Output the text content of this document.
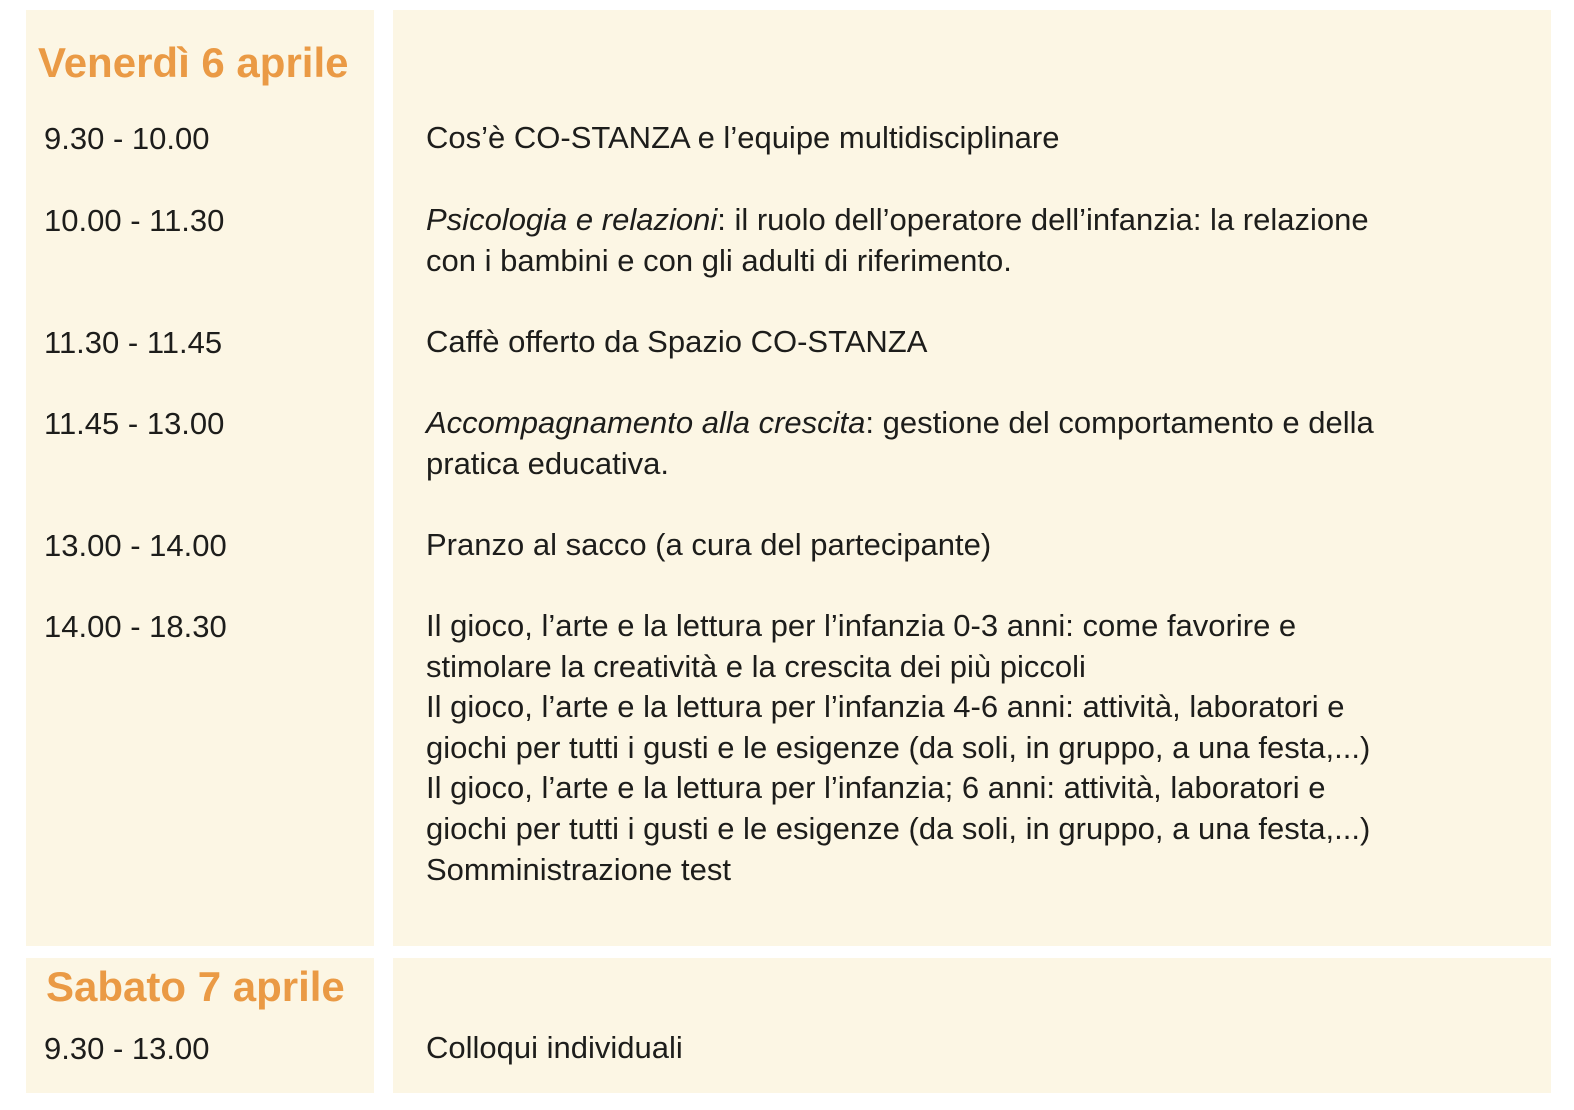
Venerdì 6 aprile
9.30 - 10.00	Cos’è CO-STANZA e l’equipe multidisciplinare
10.00 - 11.30	Psicologia e relazioni: il ruolo dell’operatore dell’infanzia: la relazione
con i bambini e con gli adulti di riferimento.
11.30 - 11.45	Caffè offerto da Spazio CO-STANZA
11.45 - 13.00	Accompagnamento alla crescita: gestione del comportamento e della
pratica educativa.
13.00 - 14.00	Pranzo al sacco (a cura del partecipante)
14.00 - 18.30	Il gioco, l’arte e la lettura per l’infanzia 0-3 anni: come favorire e
stimolare la creatività e la crescita dei più piccoli
Il gioco, l’arte e la lettura per l’infanzia 4-6 anni: attività, laboratori e
giochi per tutti i gusti e le esigenze (da soli, in gruppo, a una festa,...)
Il gioco, l’arte e la lettura per l’infanzia; 6 anni: attività, laboratori e
giochi per tutti i gusti e le esigenze (da soli, in gruppo, a una festa,...)
Somministrazione test
Sabato 7 aprile
9.30 - 13.00	Colloqui individuali
